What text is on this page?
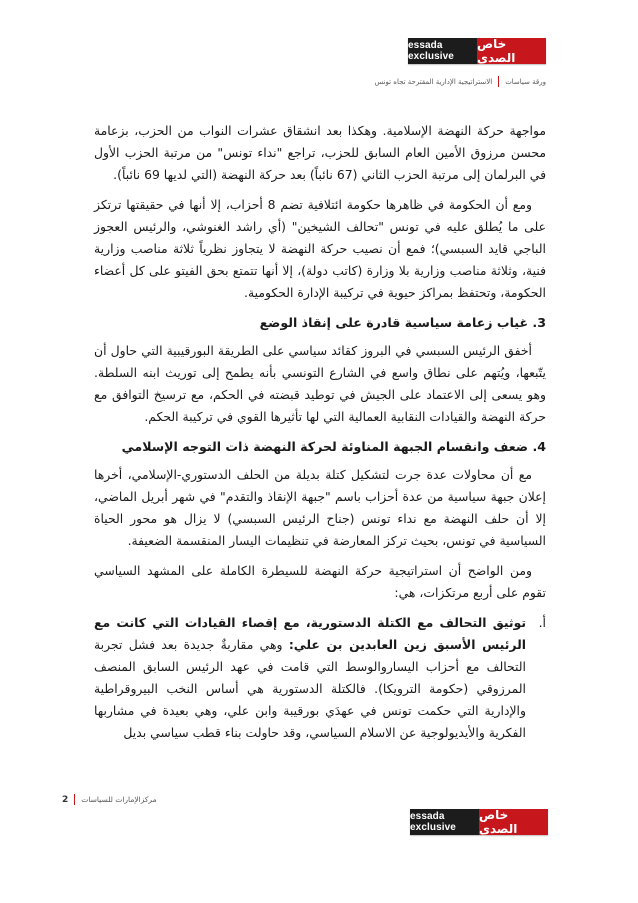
essada exclusive
خاص الصدى
ورقة سياسات
الاستراتيجية الإدارية المقترحة تجاه تونس

مواجهة حركة النهضة الإسلامية. وهكذا بعد انشقاق عشرات النواب من الحزب، بزعامة محسن مرزوق الأمين العام السابق للحزب، تراجع "نداء تونس" من مرتبة الحزب الأول في البرلمان إلى مرتبة الحزب الثاني (67 نائباً) بعد حركة النهضة (التي لديها 69 نائباً).

ومع أن الحكومة في ظاهرها حكومة ائتلافية تضم 8 أحزاب، إلا أنها في حقيقتها ترتكز على ما يُطلق عليه في تونس "تحالف الشيخين" (أي راشد الغنوشي، والرئيس العجوز الباجي قايد السبسي)؛ فمع أن نصيب حركة النهضة لا يتجاوز نظرياً ثلاثة مناصب وزارية فنية، وثلاثة مناصب وزارية بلا وزارة (كاتب دولة)، إلا أنها تتمتع بحق الفيتو على كل أعضاء الحكومة، وتحتفظ بمراكز حيوية في تركيبة الإدارة الحكومية.

3. غياب زعامة سياسية قادرة على إنقاذ الوضع

أخفق الرئيس السبسي في البروز كقائد سياسي على الطريقة البورقيبية التي حاول أن يتّبعها، ويُتهم على نطاق واسع في الشارع التونسي بأنه يطمح إلى توريث ابنه السلطة. وهو يسعى إلى الاعتماد على الجيش في توطيد قبضته في الحكم، مع ترسيخ التوافق مع حركة النهضة والقيادات النقابية العمالية التي لها تأثيرها القوي في تركيبة الحكم.

4. ضعف وانقسام الجبهة المناوئة لحركة النهضة ذات التوجه الإسلامي

مع أن محاولات عدة جرت لتشكيل كتلة بديلة من الحلف الدستوري-الإسلامي، أخرها إعلان جبهة سياسية من عدة أحزاب باسم "جبهة الإنقاذ والتقدم" في شهر أبريل الماضي، إلا أن حلف النهضة مع نداء تونس (جناح الرئيس السبسي) لا يزال هو محور الحياة السياسية في تونس، بحيث تركز المعارضة في تنظيمات اليسار المنقسمة الضعيفة.

ومن الواضح أن استراتيجية حركة النهضة للسيطرة الكاملة على المشهد السياسي تقوم على أربع مرتكزات، هي:

أ.
توثيق التحالف مع الكتلة الدستورية، مع إقصاء القيادات التي كانت مع الرئيس الأسبق زين العابدين بن علي: وهي مقاربةٌ جديدة بعد فشل تجربة التحالف مع أحزاب اليساروالوسط التي قامت في عهد الرئيس السابق المنصف المرزوقي (حكومة الترويكا). فالكتلة الدستورية هي أساس النخب البيروقراطية والإدارية التي حكمت تونس في عهدَي بورقيبة وابن علي، وهي بعيدة في مشاربها الفكرية والأيديولوجية عن الاسلام السياسي، وقد حاولت بناء قطب سياسي بديل
مركزالإمارات للسياسات
2
essada exclusive
خاص الصدى
